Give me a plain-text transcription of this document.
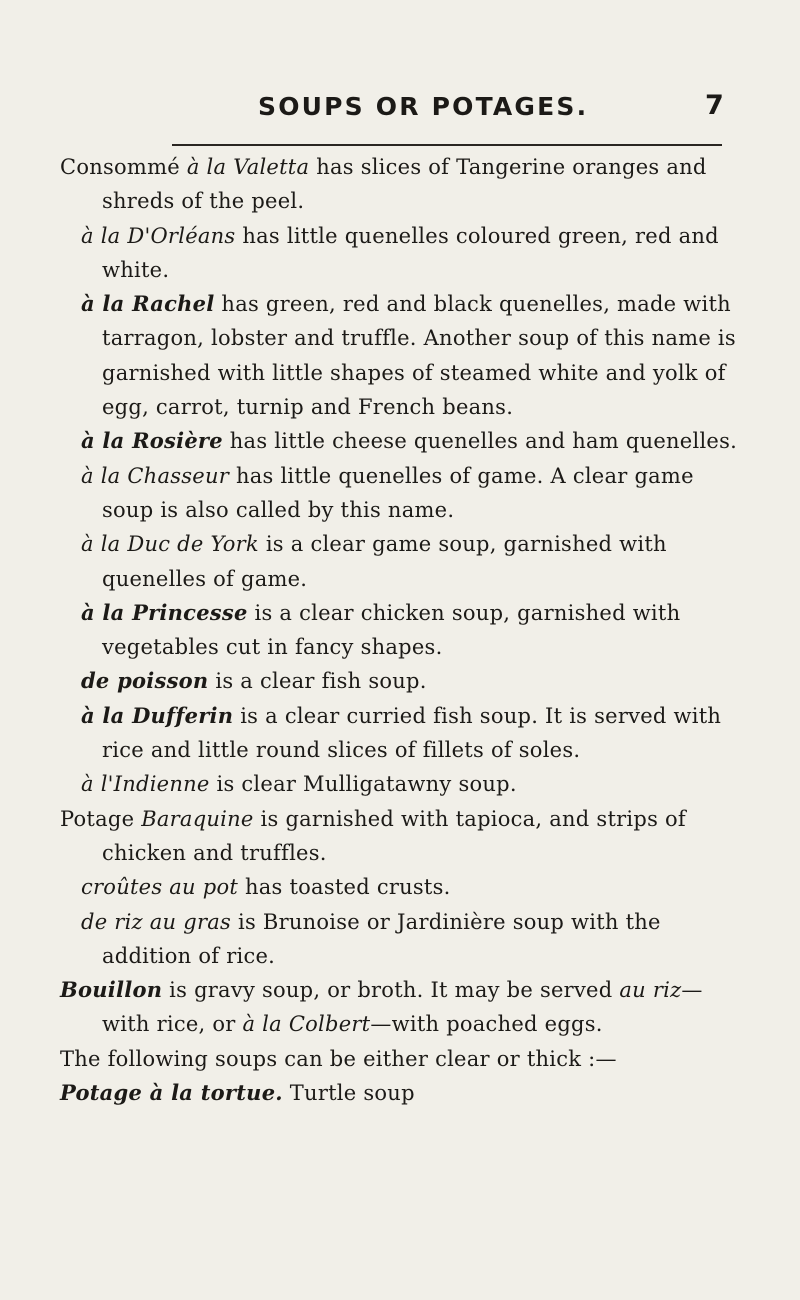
SOUPS OR POTAGES.	7

Consommé à la Valetta has slices of Tangerine oranges and shreds of the peel.

à la D'Orléans has little quenelles coloured green, red and white.

à la Rachel has green, red and black quenelles, made with tarragon, lobster and truffle. Another soup of this name is garnished with little shapes of steamed white and yolk of egg, carrot, turnip and French beans.

à la Rosière has little cheese quenelles and ham quenelles.

à la Chasseur has little quenelles of game. A clear game soup is also called by this name.

à la Duc de York is a clear game soup, garnished with quenelles of game.

à la Princesse is a clear chicken soup, garnished with vegetables cut in fancy shapes.

de poisson is a clear fish soup.

à la Dufferin is a clear curried fish soup. It is served with rice and little round slices of fillets of soles.

à l'Indienne is clear Mulligatawny soup.

Potage Baraquine is garnished with tapioca, and strips of chicken and truffles.

croûtes au pot has toasted crusts.

de riz au gras is Brunoise or Jardinière soup with the addition of rice.

Bouillon is gravy soup, or broth. It may be served au riz—with rice, or à la Colbert—with poached eggs.

The following soups can be either clear or thick :—

Potage à la tortue. Turtle soup
